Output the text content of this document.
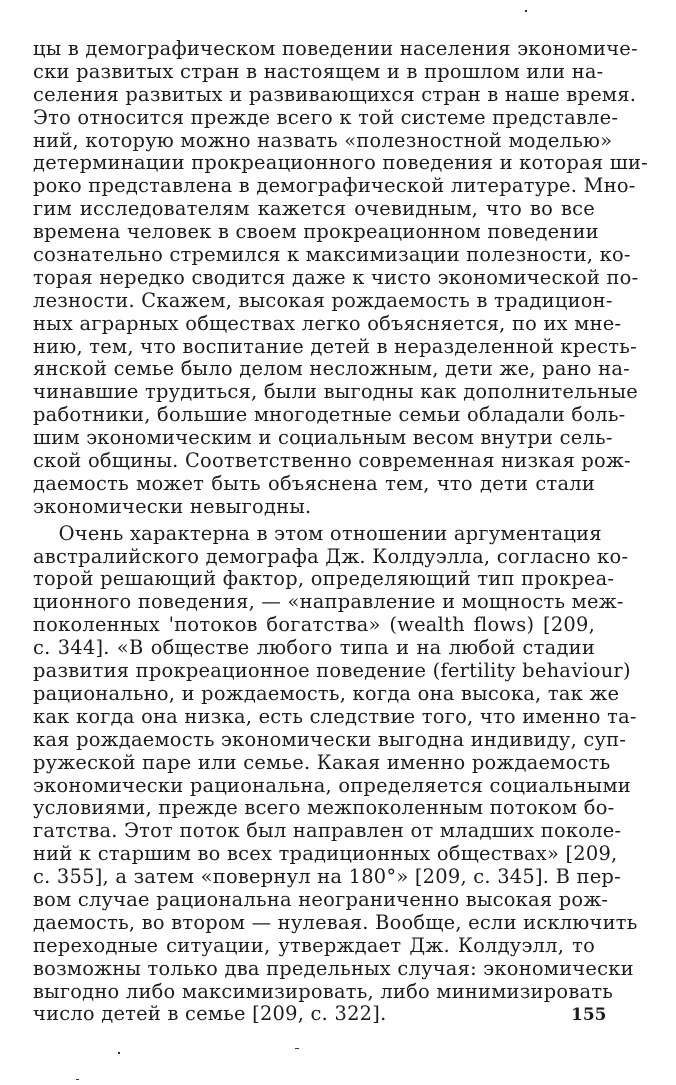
цы в демографическом поведении населения экономиче-
ски развитых стран в настоящем и в прошлом или на-
селения развитых и развивающихся стран в наше время.
Это относится прежде всего к той системе представле-
ний, которую можно назвать «полезностной моделью»
детерминации прокреационного поведения и которая ши-
роко представлена в демографической литературе. Мно-
гим исследователям кажется очевидным, что во все
времена человек в своем прокреационном поведении
сознательно стремился к максимизации полезности, ко-
торая нередко сводится даже к чисто экономической по-
лезности. Скажем, высокая рождаемость в традицион-
ных аграрных обществах легко объясняется, по их мне-
нию, тем, что воспитание детей в неразделенной кресть-
янской семье было делом несложным, дети же, рано на-
чинавшие трудиться, были выгодны как дополнительные
работники, большие многодетные семьи обладали боль-
шим экономическим и социальным весом внутри сель-
ской общины. Соответственно современная низкая рож-
даемость может быть объяснена тем, что дети стали
экономически невыгодны.
Очень характерна в этом отношении аргументация
австралийского демографа Дж. Колдуэлла, согласно ко-
торой решающий фактор, определяющий тип прокреа-
ционного поведения, — «направление и мощность меж-
поколенных 'потоков богатства» (wealth flows) [209,
с. 344]. «В обществе любого типа и на любой стадии
развития прокреационное поведение (fertility behaviour)
рационально, и рождаемость, когда она высока, так же
как когда она низка, есть следствие того, что именно та-
кая рождаемость экономически выгодна индивиду, суп-
ружеской паре или семье. Какая именно рождаемость
экономически рациональна, определяется социальными
условиями, прежде всего межпоколенным потоком бо-
гатства. Этот поток был направлен от младших поколе-
ний к старшим во всех традиционных обществах» [209,
с. 355], а затем «повернул на 180°» [209, с. 345]. В пер-
вом случае рациональна неограниченно высокая рож-
даемость, во втором — нулевая. Вообще, если исключить
переходные ситуации, утверждает Дж. Колдуэлл, то
возможны только два предельных случая: экономически
выгодно либо максимизировать, либо минимизировать
число детей в семье [209, с. 322].	155
